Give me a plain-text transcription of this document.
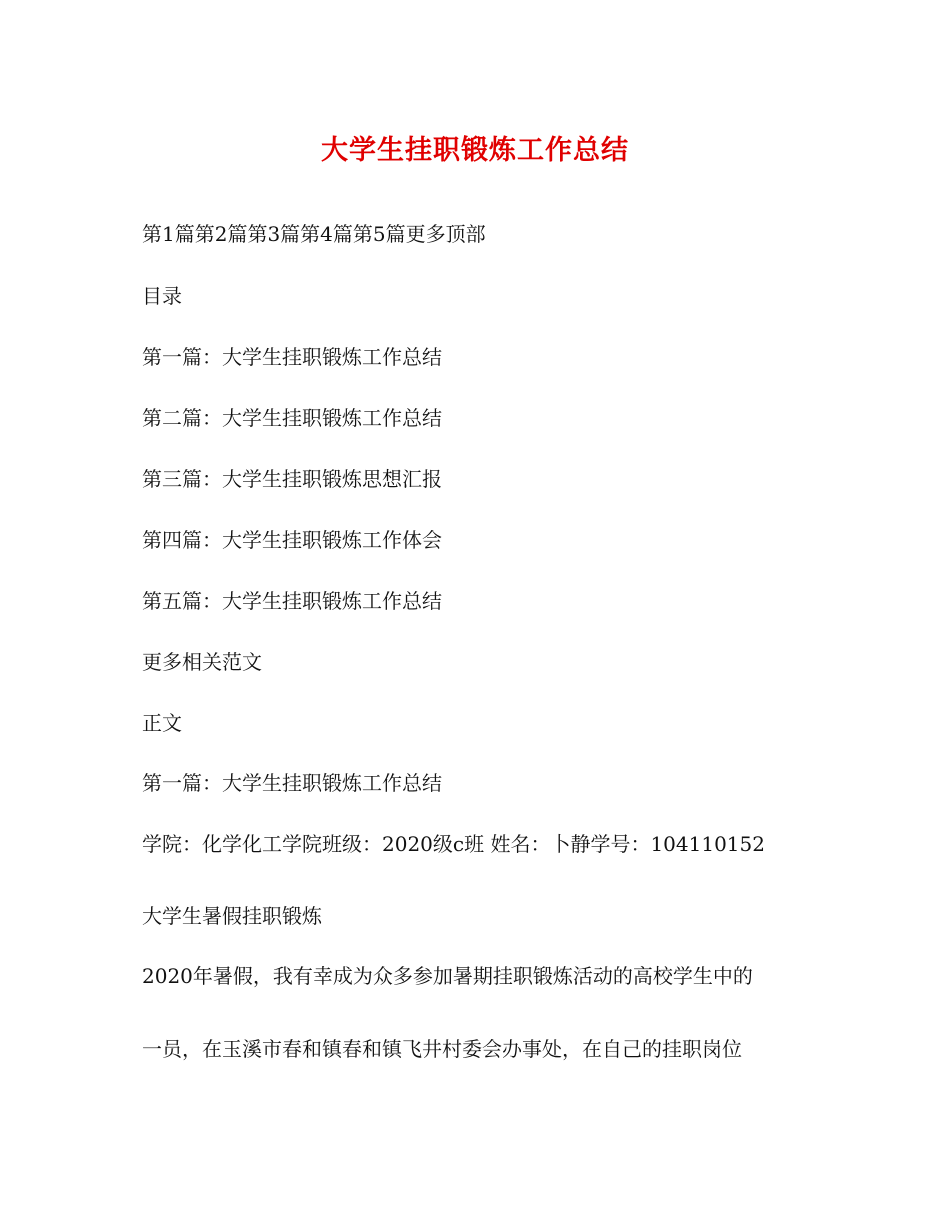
大学生挂职锻炼工作总结
第1篇第2篇第3篇第4篇第5篇更多顶部
目录
第一篇：大学生挂职锻炼工作总结
第二篇：大学生挂职锻炼工作总结
第三篇：大学生挂职锻炼思想汇报
第四篇：大学生挂职锻炼工作体会
第五篇：大学生挂职锻炼工作总结
更多相关范文
正文
第一篇：大学生挂职锻炼工作总结
学院：化学化工学院班级：2020级c班 姓名：卜静学号：104110152
大学生暑假挂职锻炼
2020年暑假，我有幸成为众多参加暑期挂职锻炼活动的高校学生中的
一员，在玉溪市春和镇春和镇飞井村委会办事处，在自己的挂职岗位
